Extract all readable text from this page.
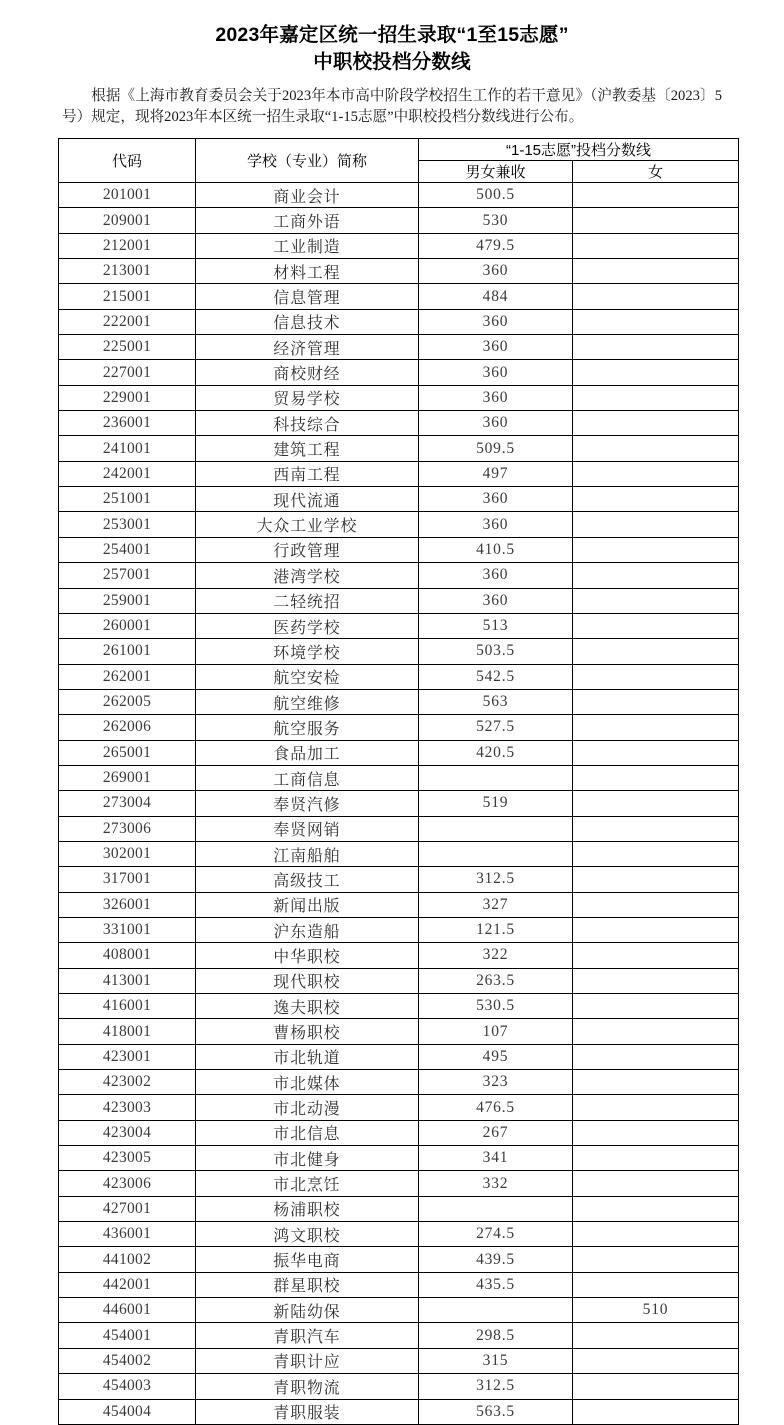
2023年嘉定区统一招生录取“1至15志愿”
中职校投档分数线

根据《上海市教育委员会关于2023年本市高中阶段学校招生工作的若干意见》（沪教委基〔2023〕5号）规定，现将2023年本区统一招生录取“1-15志愿”中职校投档分数线进行公布。

代码	学校（专业）简称	“1-15志愿”投档分数线	
		男女兼收	女
201001	商业会计	500.5	
209001	工商外语	530	
212001	工业制造	479.5	
213001	材料工程	360	
215001	信息管理	484	
222001	信息技术	360	
225001	经济管理	360	
227001	商校财经	360	
229001	贸易学校	360	
236001	科技综合	360	
241001	建筑工程	509.5	
242001	西南工程	497	
251001	现代流通	360	
253001	大众工业学校	360	
254001	行政管理	410.5	
257001	港湾学校	360	
259001	二轻统招	360	
260001	医药学校	513	
261001	环境学校	503.5	
262001	航空安检	542.5	
262005	航空维修	563	
262006	航空服务	527.5	
265001	食品加工	420.5	
269001	工商信息		
273004	奉贤汽修	519	
273006	奉贤网销		
302001	江南船舶		
317001	高级技工	312.5	
326001	新闻出版	327	
331001	沪东造船	121.5	
408001	中华职校	322	
413001	现代职校	263.5	
416001	逸夫职校	530.5	
418001	曹杨职校	107	
423001	市北轨道	495	
423002	市北媒体	323	
423003	市北动漫	476.5	
423004	市北信息	267	
423005	市北健身	341	
423006	市北烹饪	332	
427001	杨浦职校		
436001	鸿文职校	274.5	
441002	振华电商	439.5	
442001	群星职校	435.5	
446001	新陆幼保		510
454001	青职汽车	298.5	
454002	青职计应	315	
454003	青职物流	312.5	
454004	青职服装	563.5	
